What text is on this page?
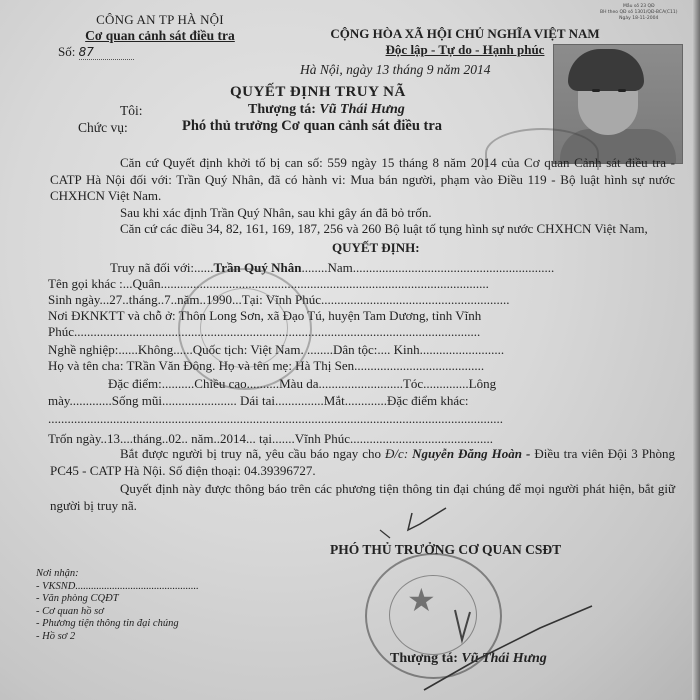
CÔNG AN TP HÀ NỘI
Cơ quan cảnh sát điều tra
Số: 87
Mẫu số 23 QĐ
BH theo QĐ số 1301/QĐ-BCA(C11)
Ngày 18-11-2004
CỘNG HÒA XÃ HỘI CHỦ NGHĨA VIỆT NAM
Độc lập - Tự do - Hạnh phúc
Hà Nội, ngày 13 tháng 9 năm 2014
QUYẾT ĐỊNH TRUY NÃ
Tôi:	Thượng tá: Vũ Thái Hưng
Chức vụ:	Phó thủ trưởng Cơ quan cảnh sát điều tra
Căn cứ Quyết định khởi tố bị can số: 559 ngày 15 tháng 8 năm 2014 của Cơ quan Cảnh sát điều tra - CATP Hà Nội đối với: Trần Quý Nhân, đã có hành vi: Mua bán người, phạm vào Điều 119 - Bộ luật hình sự nước CHXHCN Việt Nam.
Sau khi xác định Trần Quý Nhân, sau khi gây án đã bỏ trốn.
Căn cứ các điều 34, 82, 161, 169, 187, 256 và 260 Bộ luật tố tụng hình sự nước CHXHCN Việt Nam,
QUYẾT ĐỊNH:
Truy nã đối với:......Trần Quý Nhân........Nam..............................................................
Tên gọi khác :...Quân.....................................................................................................
Sinh ngày...27..tháng..7..năm..1990...Tại: Vĩnh Phúc..........................................................
Nơi ĐKNKTT và chỗ ở: Thôn Long Sơn, xã Đạo Tú, huyện Tam Dương, tỉnh Vĩnh
Phúc.............................................................................................................................
Nghề nghiệp:......Không......Quốc tịch: Việt Nam. ........Dân tộc:.... Kinh..........................
Họ và tên cha: TRần Văn Đông. Họ và tên mẹ: Hà Thị Sen........................................
Đặc điểm:..........Chiều cao..........Màu da..........................Tóc..............Lông
mày.............Sống mũi....................... Dái tai...............Mắt.............Đặc điểm khác:
............................................................................................................................................
Trốn ngày..13....tháng..02.. năm..2014... tại.......Vĩnh Phúc............................................
Bắt được người bị truy nã, yêu cầu báo ngay cho Đ/c: Nguyễn Đăng Hoàn - Điều tra viên Đội 3 Phòng PC45 - CATP Hà Nội. Số điện thoại: 04.39396727.
Quyết định này được thông báo trên các phương tiện thông tin đại chúng để mọi người phát hiện, bắt giữ người bị truy nã.
★
PHÓ THỦ TRƯỞNG CƠ QUAN CSĐT
Thượng tá: Vũ Thái Hưng
Nơi nhận:
- VKSND...............................................
- Văn phòng CQĐT
- Cơ quan hồ sơ
- Phương tiện thông tin đại chúng
- Hồ sơ 2
